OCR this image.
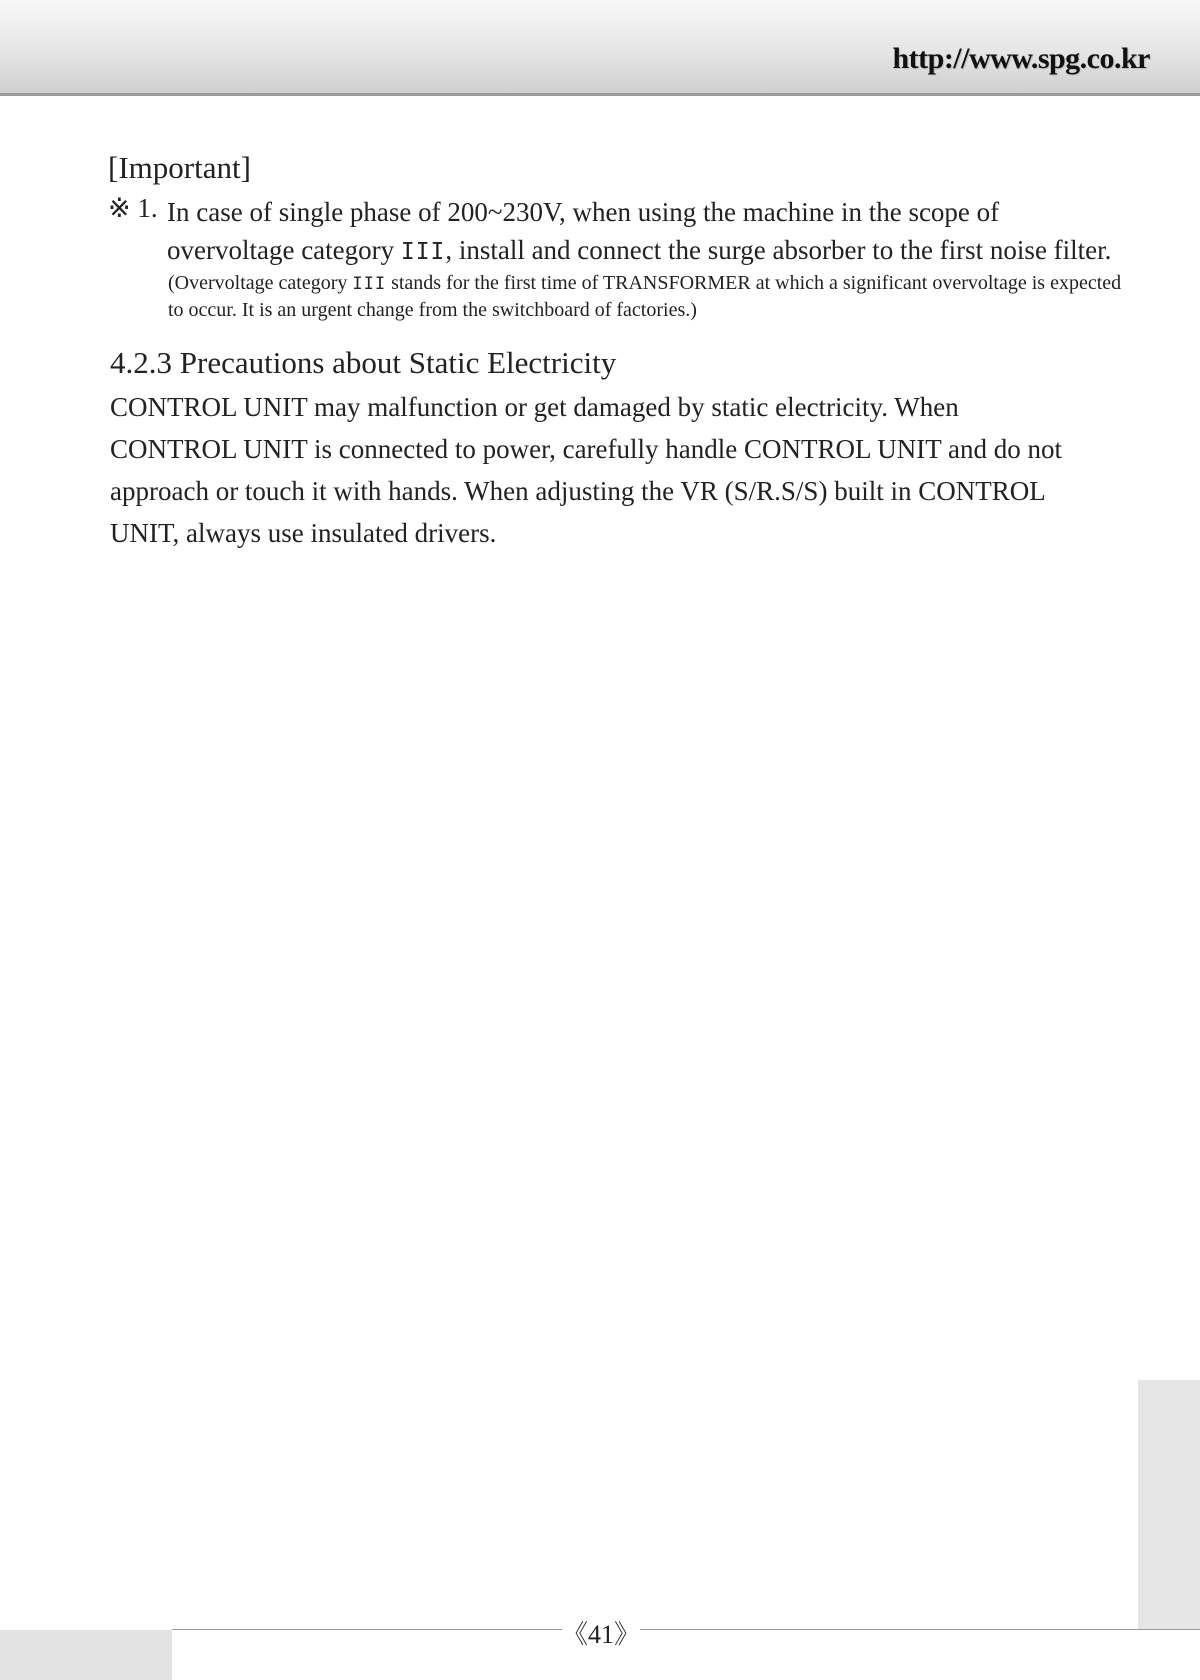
http://www.spg.co.kr
[Important]
※ 1. In case of single phase of 200~230V, when using the machine in the scope of
overvoltage category III, install and connect the surge absorber to the first noise filter.
(Overvoltage category III stands for the first time of TRANSFORMER at which a significant overvoltage is expected to occur. It is an urgent change from the switchboard of factories.)
4.2.3 Precautions about Static Electricity
CONTROL UNIT may malfunction or get damaged by static electricity. When
CONTROL UNIT is connected to power, carefully handle CONTROL UNIT and do not
approach or touch it with hands. When adjusting the VR (S/R.S/S) built in CONTROL
UNIT, always use insulated drivers.
《41》
